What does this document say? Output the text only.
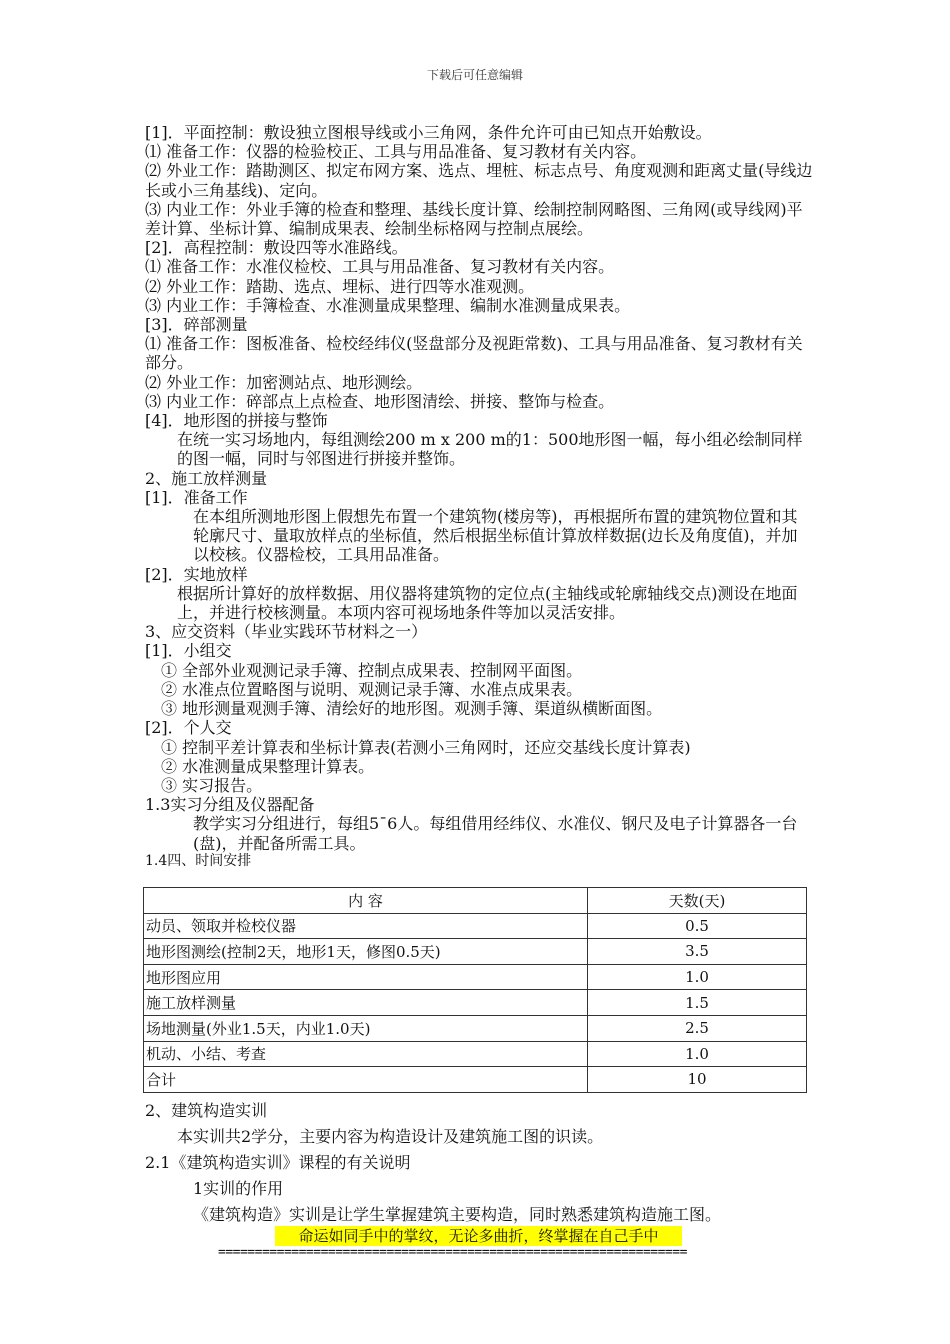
下载后可任意编辑

[1]．平面控制：敷设独立图根导线或小三角网，条件允许可由已知点开始敷设。

⑴ 准备工作：仪器的检验校正、工具与用品准备、复习教材有关内容。

⑵ 外业工作：踏勘测区、拟定布网方案、选点、埋桩、标志点号、角度观测和距离丈量(导线边长或小三角基线)、定向。

⑶ 内业工作：外业手簿的检查和整理、基线长度计算、绘制控制网略图、三角网(或导线网)平差计算、坐标计算、编制成果表、绘制坐标格网与控制点展绘。

[2]．高程控制：敷设四等水准路线。

⑴ 准备工作：水准仪检校、工具与用品准备、复习教材有关内容。

⑵ 外业工作：踏勘、选点、埋标、进行四等水准观测。

⑶ 内业工作：手簿检查、水准测量成果整理、编制水准测量成果表。

[3]．碎部测量

⑴ 准备工作：图板准备、检校经纬仪(竖盘部分及视距常数)、工具与用品准备、复习教材有关部分。

⑵ 外业工作：加密测站点、地形测绘。

⑶ 内业工作：碎部点上点检查、地形图清绘、拼接、整饰与检查。

[4]．地形图的拼接与整饰

在统一实习场地内，每组测绘200 m x 200 m的1：500地形图一幅，每小组必绘制同样的图一幅，同时与邻图进行拼接并整饰。

2、施工放样测量

[1]．准备工作

在本组所测地形图上假想先布置一个建筑物(楼房等)，再根据所布置的建筑物位置和其轮廓尺寸、量取放样点的坐标值，然后根据坐标值计算放样数据(边长及角度值)，并加以校核。仪器检校，工具用品准备。

[2]．实地放样

根据所计算好的放样数据、用仪器将建筑物的定位点(主轴线或轮廓轴线交点)测设在地面上，并进行校核测量。本项内容可视场地条件等加以灵活安排。

3、应交资料（毕业实践环节材料之一）

[1]．小组交

① 全部外业观测记录手簿、控制点成果表、控制网平面图。

② 水准点位置略图与说明、观测记录手簿、水准点成果表。

③ 地形测量观测手簿、清绘好的地形图。观测手簿、渠道纵横断面图。

[2]．个人交

① 控制平差计算表和坐标计算表(若测小三角网时，还应交基线长度计算表)

② 水准测量成果整理计算表。

③ 实习报告。

1.3实习分组及仪器配备

教学实习分组进行，每组5¯6人。每组借用经纬仪、水准仪、钢尺及电子计算器各一台(盘)，并配备所需工具。

1.4四、时间安排

内 容	天数(天)
动员、领取并检校仪器	0.5
地形图测绘(控制2天，地形1天，修图0.5天)	3.5
地形图应用	1.0
施工放样测量	1.5
场地测量(外业1.5天，内业1.0天)	2.5
机动、小结、考查	1.0
合计	10

2、建筑构造实训

本实训共2学分，主要内容为构造设计及建筑施工图的识读。

2.1《建筑构造实训》课程的有关说明

1实训的作用

《建筑构造》实训是让学生掌握建筑主要构造，同时熟悉建筑构造施工图。

命运如同手中的掌纹，无论多曲折，终掌握在自己手中
================================================================
